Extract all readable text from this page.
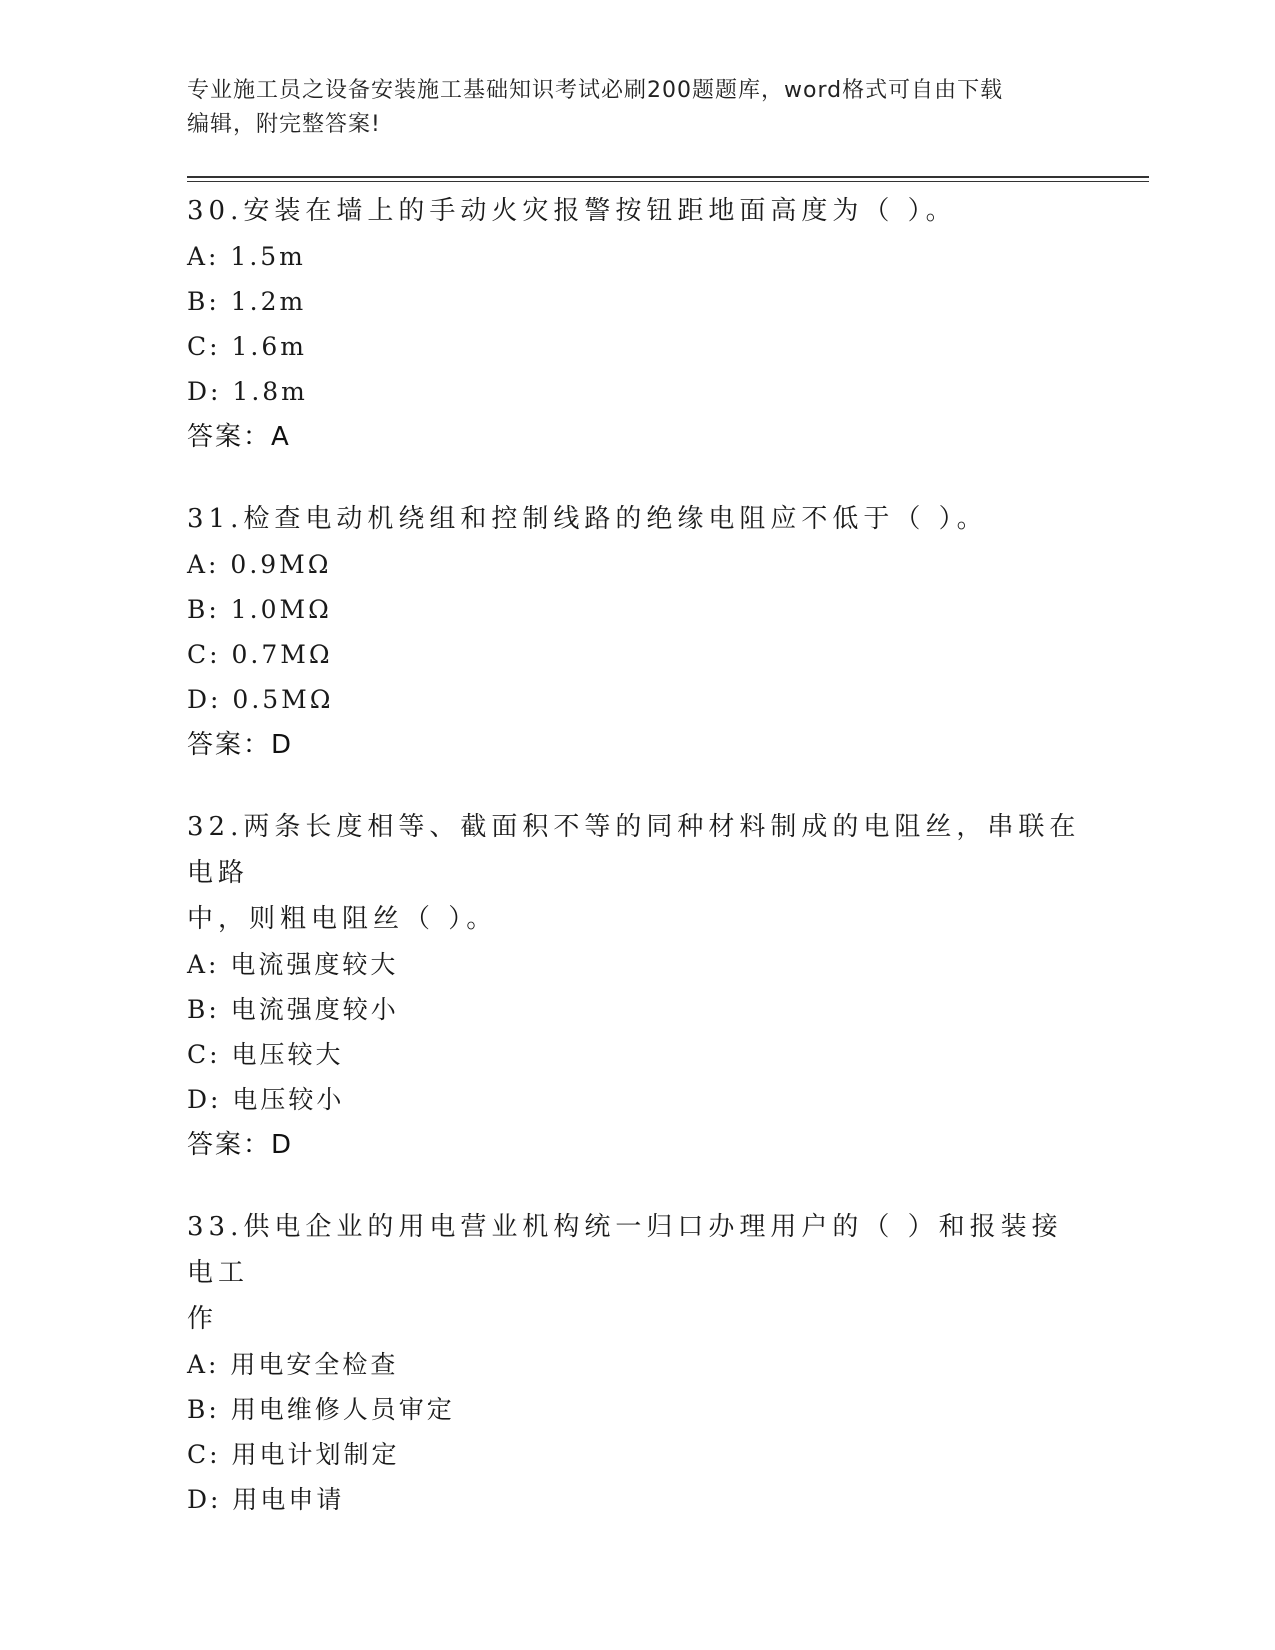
专业施工员之设备安装施工基础知识考试必刷200题题库，word格式可自由下载
编辑，附完整答案!
30.安装在墙上的手动火灾报警按钮距地面高度为（ ）。
A: 1.5m
B: 1.2m
C: 1.6m
D: 1.8m
答案：A
31.检查电动机绕组和控制线路的绝缘电阻应不低于（ ）。
A: 0.9MΩ
B: 1.0MΩ
C: 0.7MΩ
D: 0.5MΩ
答案：D
32.两条长度相等、截面积不等的同种材料制成的电阻丝，串联在电路
中，则粗电阻丝（ ）。
A: 电流强度较大
B: 电流强度较小
C: 电压较大
D: 电压较小
答案：D
33.供电企业的用电营业机构统一归口办理用户的（ ）和报装接电工
作
A: 用电安全检查
B: 用电维修人员审定
C: 用电计划制定
D: 用电申请
